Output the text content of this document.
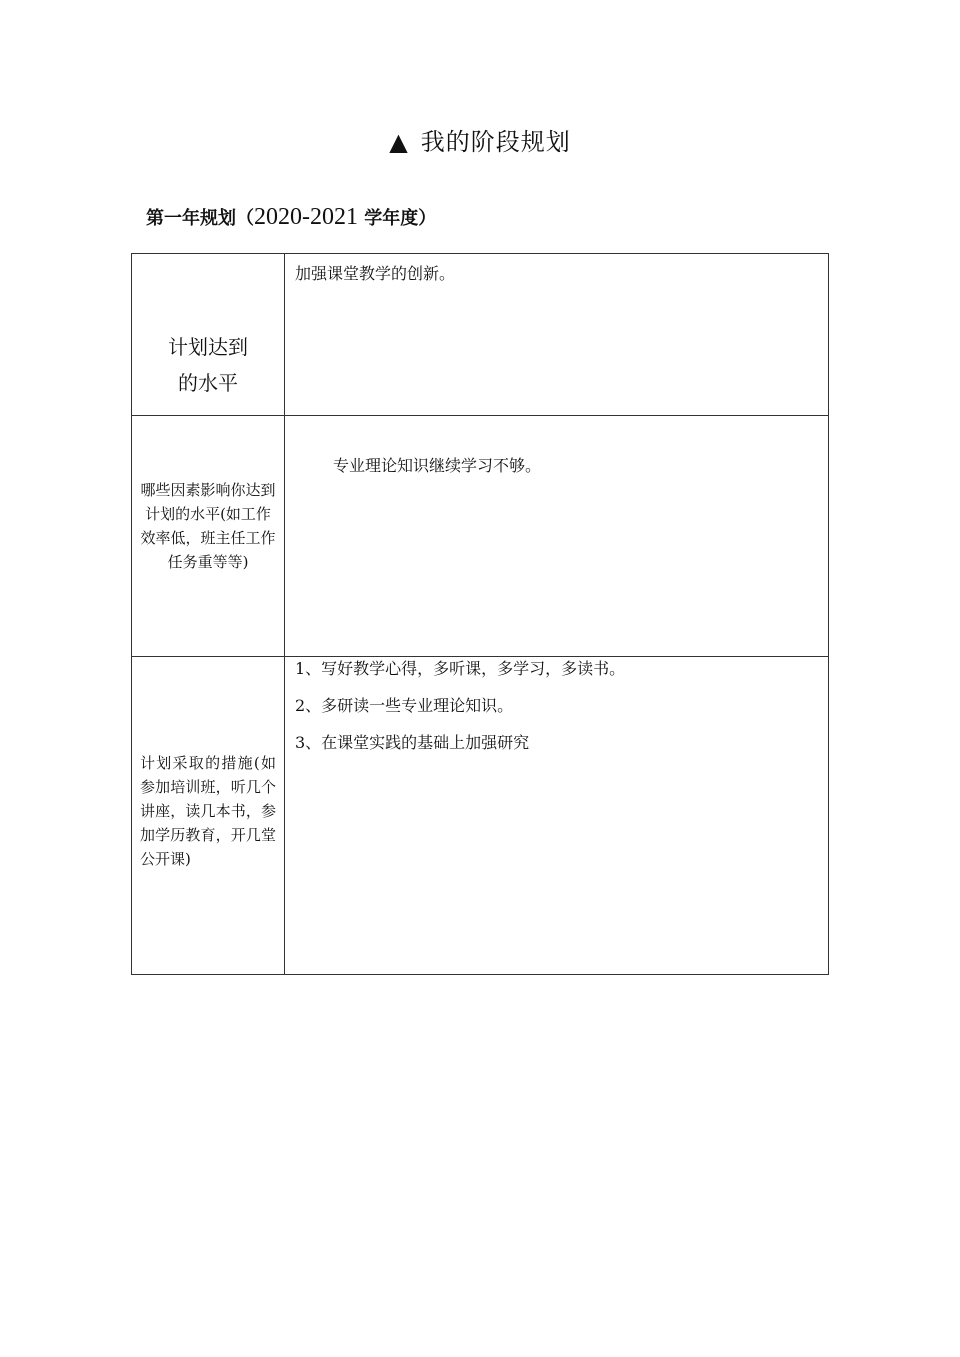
▲ 我的阶段规划
第一年规划（2020-2021 学年度）
计划达到
的水平	加强课堂教学的创新。
哪些因素影响你达到计划的水平(如工作效率低，班主任工作任务重等等)	专业理论知识继续学习不够。
计划采取的措施(如参加培训班，听几个讲座，读几本书，参加学历教育，开几堂公开课)	1、写好教学心得，多听课，多学习，多读书。

2、多研读一些专业理论知识。

3、在课堂实践的基础上加强研究
